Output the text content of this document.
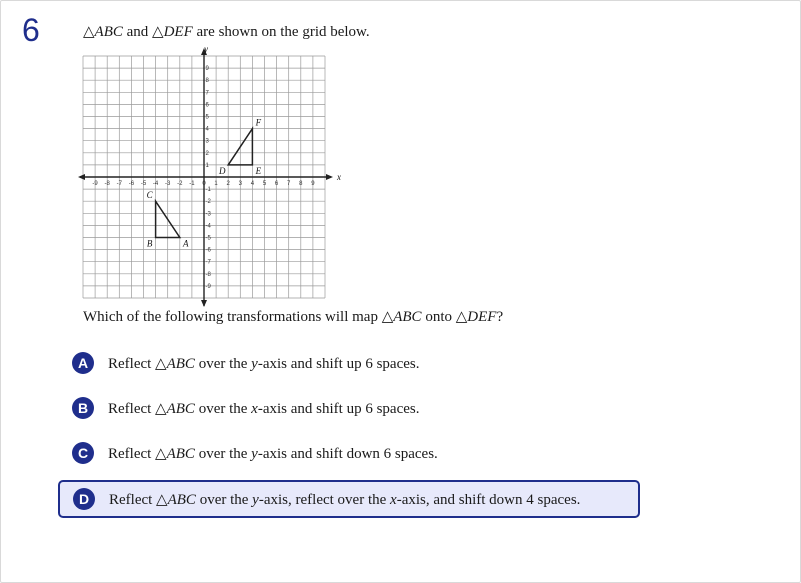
6	△ABC and △DEF are shown on the grid below.
x
y
-9 -8 -7 -6 -5 -4 -3 -2 -1 0 1 2 3 4 5 6 7 8 9
9
8
7
6
5
4
3
2
1
-1
-2
-3
-4
-5
-6
-7
-8
-9
A
B
C
D	E
F
Which of the following transformations will map △ABC onto △DEF?
A	Reflect △ABC over the y-axis and shift up 6 spaces.
B	Reflect △ABC over the x-axis and shift up 6 spaces.
C	Reflect △ABC over the y-axis and shift down 6 spaces.
D	Reflect △ABC over the y-axis, reflect over the x-axis, and shift down 4 spaces.
